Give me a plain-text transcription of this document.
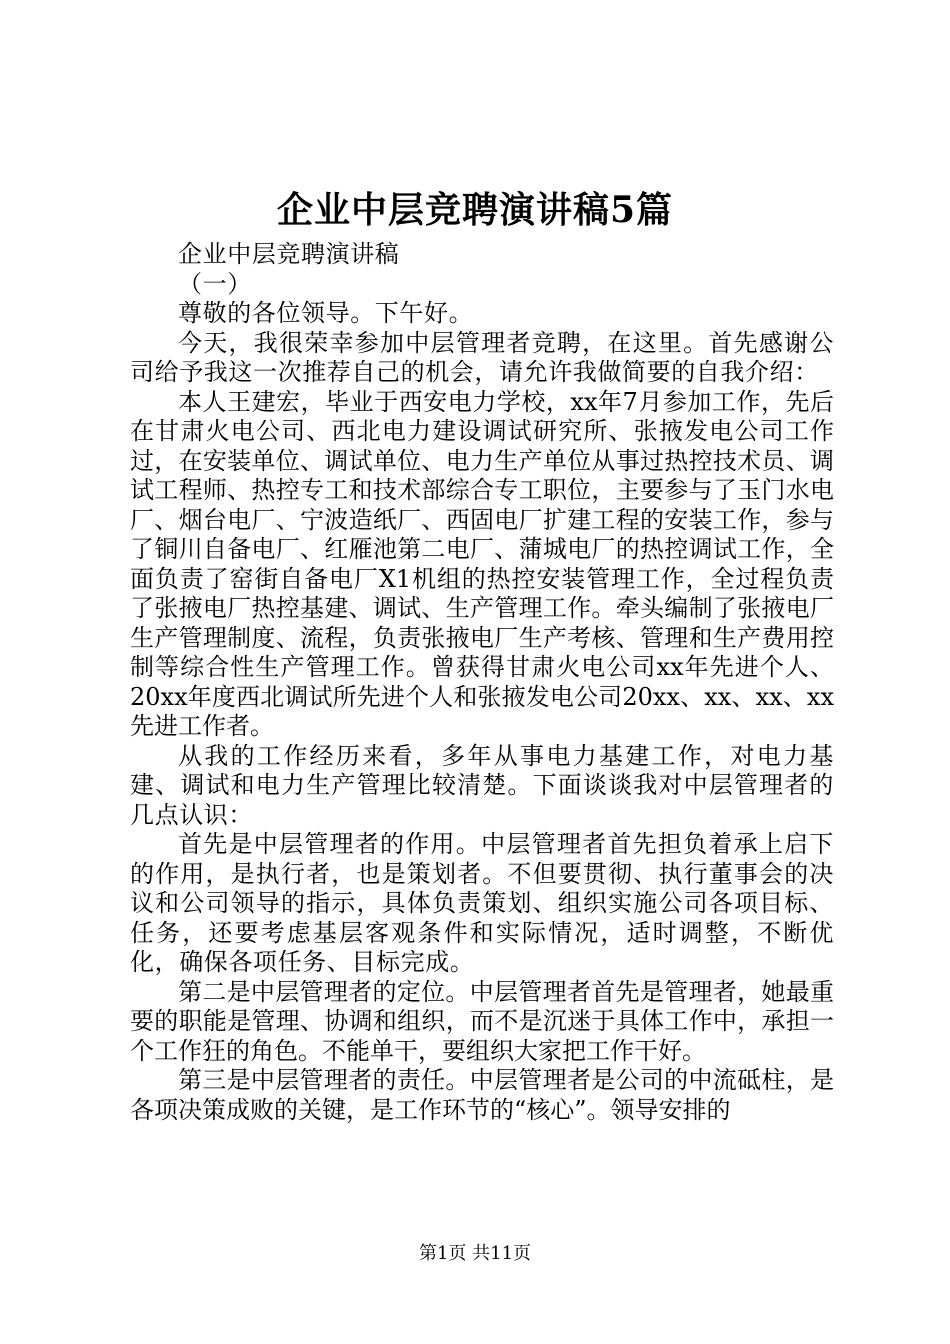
企业中层竞聘演讲稿5篇

企业中层竞聘演讲稿

（一）

尊敬的各位领导。下午好。

今天，我很荣幸参加中层管理者竞聘，在这里。首先感谢公司给予我这一次推荐自己的机会，请允许我做简要的自我介绍：

本人王建宏，毕业于西安电力学校，xx年7月参加工作，先后在甘肃火电公司、西北电力建设调试研究所、张掖发电公司工作过，在安装单位、调试单位、电力生产单位从事过热控技术员、调试工程师、热控专工和技术部综合专工职位，主要参与了玉门水电厂、烟台电厂、宁波造纸厂、西固电厂扩建工程的安装工作，参与了铜川自备电厂、红雁池第二电厂、蒲城电厂的热控调试工作，全面负责了窑街自备电厂X1机组的热控安装管理工作，全过程负责了张掖电厂热控基建、调试、生产管理工作。牵头编制了张掖电厂生产管理制度、流程，负责张掖电厂生产考核、管理和生产费用控制等综合性生产管理工作。曾获得甘肃火电公司xx年先进个人、20xx年度西北调试所先进个人和张掖发电公司20xx、xx、xx、xx先进工作者。

从我的工作经历来看，多年从事电力基建工作，对电力基建、调试和电力生产管理比较清楚。下面谈谈我对中层管理者的几点认识：

首先是中层管理者的作用。中层管理者首先担负着承上启下的作用，是执行者，也是策划者。不但要贯彻、执行董事会的决议和公司领导的指示，具体负责策划、组织实施公司各项目标、任务，还要考虑基层客观条件和实际情况，适时调整，不断优化，确保各项任务、目标完成。

第二是中层管理者的定位。中层管理者首先是管理者，她最重要的职能是管理、协调和组织，而不是沉迷于具体工作中，承担一个工作狂的角色。不能单干，要组织大家把工作干好。

第三是中层管理者的责任。中层管理者是公司的中流砥柱，是各项决策成败的关键，是工作环节的“核心”。领导安排的

第1页 共11页
